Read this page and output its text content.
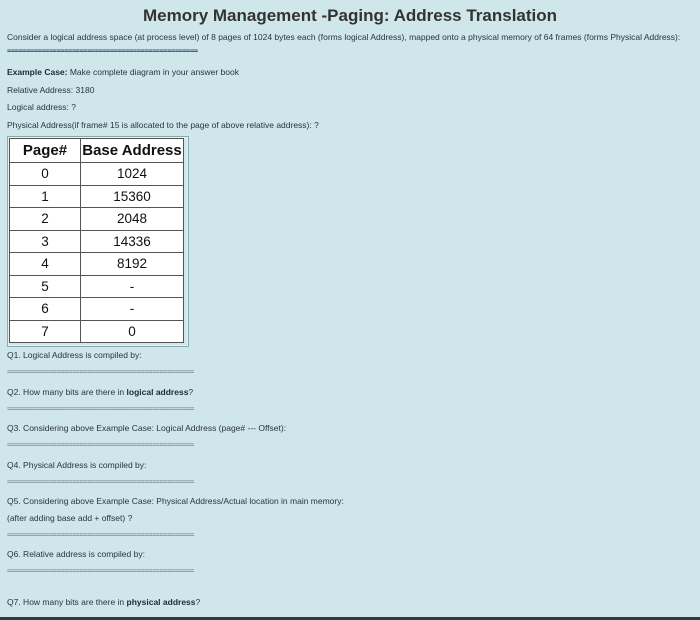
Memory Management -Paging: Address Translation
Consider a logical address space (at process level) of 8 pages of 1024 bytes each (forms logical Address), mapped onto a physical memory of 64 frames (forms Physical Address):
==================================================
Example Case: Make complete diagram in your answer book
Relative Address: 3180
Logical address: ?
Physical Address(if frame# 15 is allocated to the page of above relative address): ?
Page#	Base Address
0	1024
1	15360
2	2048
3	14336
4	8192
5	-
6	-
7	0
Q1. Logical Address is compiled by:
=================================================
Q2. How many bits are there in logical address?
=================================================
Q3. Considering above Example Case: Logical Address (page# --- Offset):
=================================================
Q4. Physical Address is compiled by:
=================================================
Q5. Considering above Example Case: Physical Address/Actual location in main memory:
(after adding base add + offset) ?
=================================================
Q6. Relative address is compiled by:
=================================================
Q7. How many bits are there in physical address?
